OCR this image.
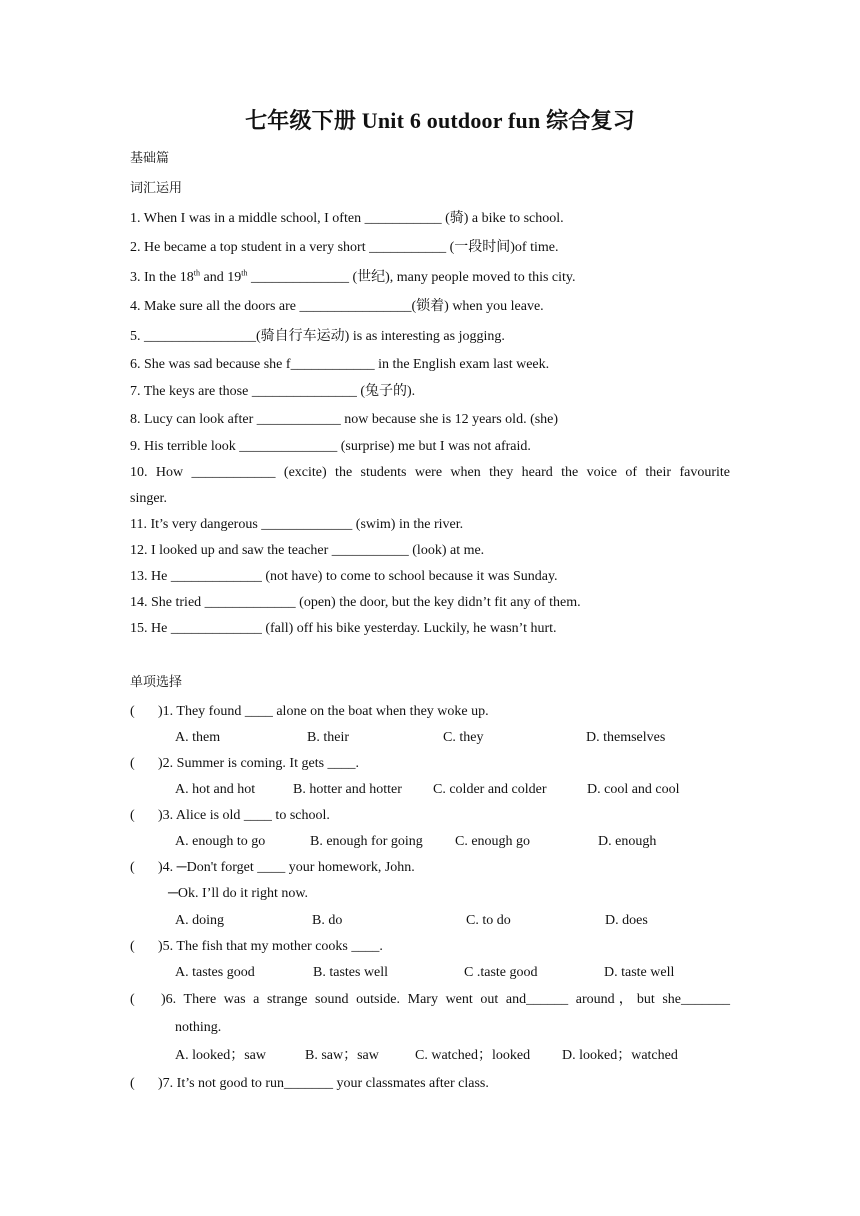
七年级下册 Unit 6 outdoor fun 综合复习
基础篇
词汇运用
1. When I was in a middle school, I often ___________ (骑) a bike to school.
2. He became a top student in a very short ___________ (一段时间)of time.
3. In the 18th and 19th ______________ (世纪), many people moved to this city.
4. Make sure all the doors are ________________(锁着) when you leave.
5. ________________(骑自行车运动) is as interesting as jogging.
6. She was sad because she f____________ in the English exam last week.
7. The keys are those _______________ (兔子的).
8. Lucy can look after ____________ now because she is 12 years old. (she)
9. His terrible look ______________ (surprise) me but I was not afraid.
10. How ____________ (excite) the students were when they heard the voice of their favourite
singer.
11. It’s very dangerous _____________ (swim) in the river.
12. I looked up and saw the teacher ___________ (look) at me.
13. He _____________ (not have) to come to school because it was Sunday.
14. She tried _____________ (open) the door, but the key didn’t fit any of them.
15. He _____________ (fall) off his bike yesterday. Luckily, he wasn’t hurt.
单项选择
( )1. They found ____ alone on the boat when they woke up.
A. them	B. their	C. they	D. themselves
( )2. Summer is coming. It gets ____.
A. hot and hot	B. hotter and hotter C. colder and colder	D. cool and cool
( )3. Alice is old ____ to school.
A. enough to go	B. enough for going C. enough go	D. enough
( )4. ─Don't forget ____ your homework, John.
─Ok. I’ll do it right now.
A. doing	B. do	C. to do	D. does
( )5. The fish that my mother cooks ____.
A. tastes good	B. tastes well	C .taste good	D. taste well
( )6. There was a strange sound outside. Mary went out and______ around，but she_______
nothing.
A. looked；saw	B. saw；saw	C. watched；looked D. looked；watched
( )7. It’s not good to run_______ your classmates after class.
